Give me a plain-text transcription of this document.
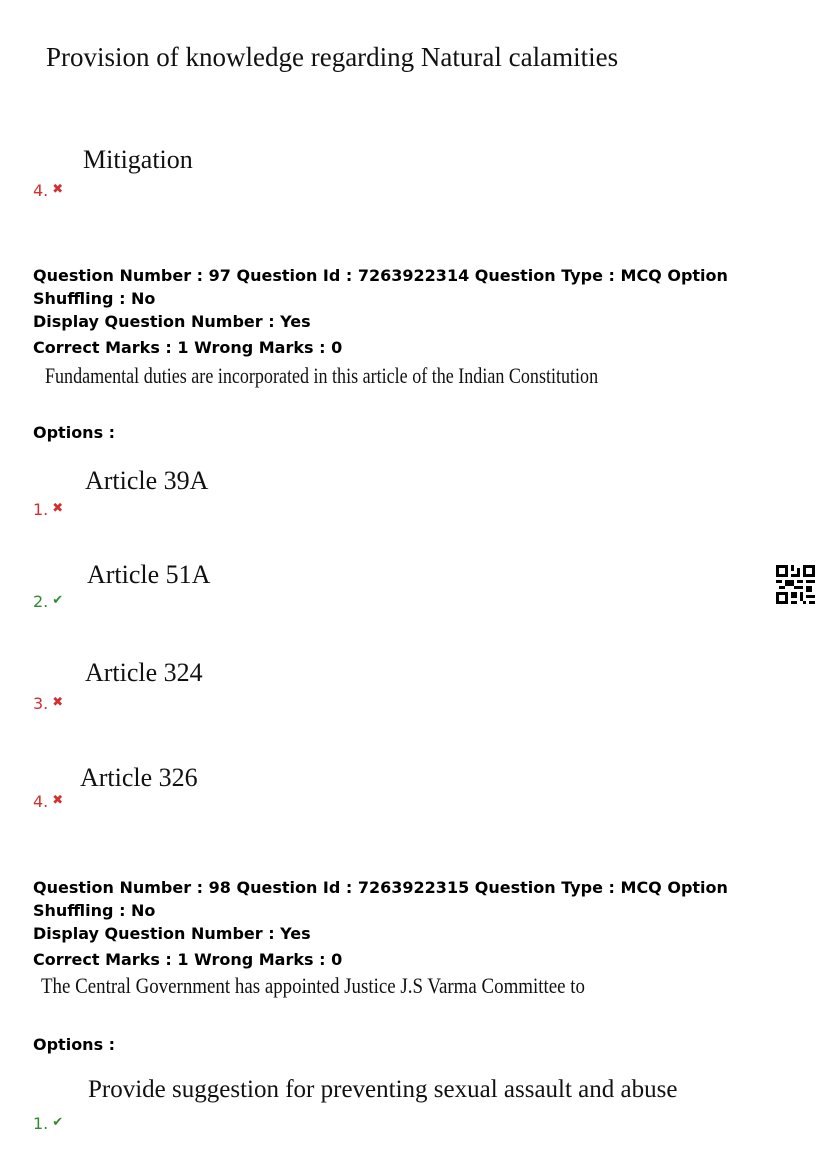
Provision of knowledge regarding Natural calamities
Mitigation
4. ✖
Question Number : 97 Question Id : 7263922314 Question Type : MCQ Option Shuffling : No
Display Question Number : Yes
Correct Marks : 1 Wrong Marks : 0
Fundamental duties are incorporated in this article of the Indian Constitution
Options :
Article 39A
1. ✖
Article 51A
2. ✔
Article 324
3. ✖
Article 326
4. ✖
Question Number : 98 Question Id : 7263922315 Question Type : MCQ Option Shuffling : No
Display Question Number : Yes
Correct Marks : 1 Wrong Marks : 0
The Central Government has appointed Justice J.S Varma Committee to
Options :
Provide suggestion for preventing sexual assault and abuse
1. ✔
